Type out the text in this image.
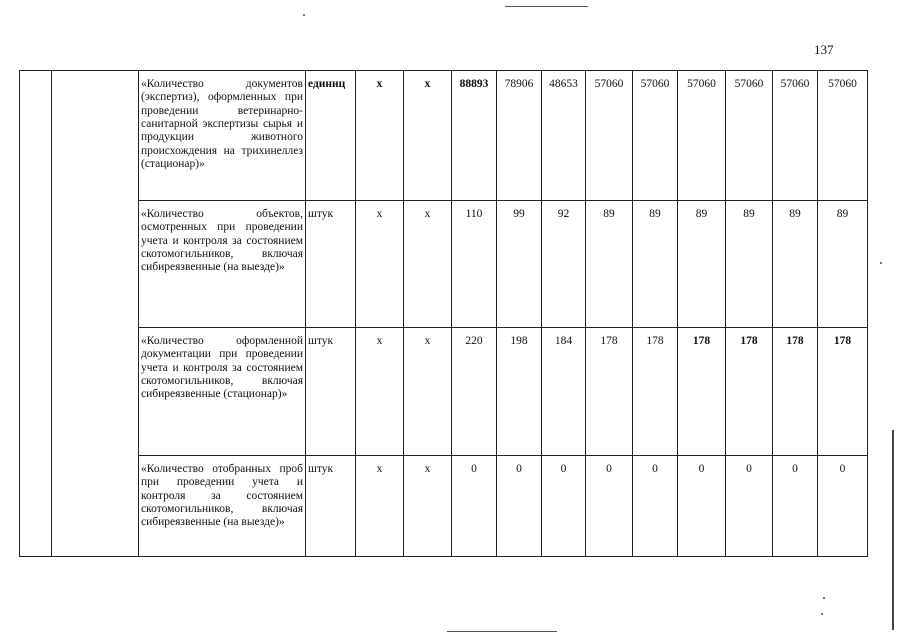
137
		«Количество документов (экспертиз), оформленных при проведении ветеринарно-санитарной экспертизы сырья и продукции животного происхождения на трихинеллез (стационар)»	единиц	х	х	88893	78906	48653	57060	57060	57060	57060	57060	57060
		«Количество объектов, осмотренных при проведении учета и контроля за состоянием скотомогильников, включая сибиреязвенные (на выезде)»	штук	х	х	110	99	92	89	89	89	89	89	89
		«Количество оформленной документации при проведении учета и контроля за состоянием скотомогильников, включая сибиреязвенные (стационар)»	штук	х	х	220	198	184	178	178	178	178	178	178
		«Количество отобранных проб при проведении учета и контроля за состоянием скотомогильников, включая сибиреязвенные (на выезде)»	штук	х	х	0	0	0	0	0	0	0	0	0
